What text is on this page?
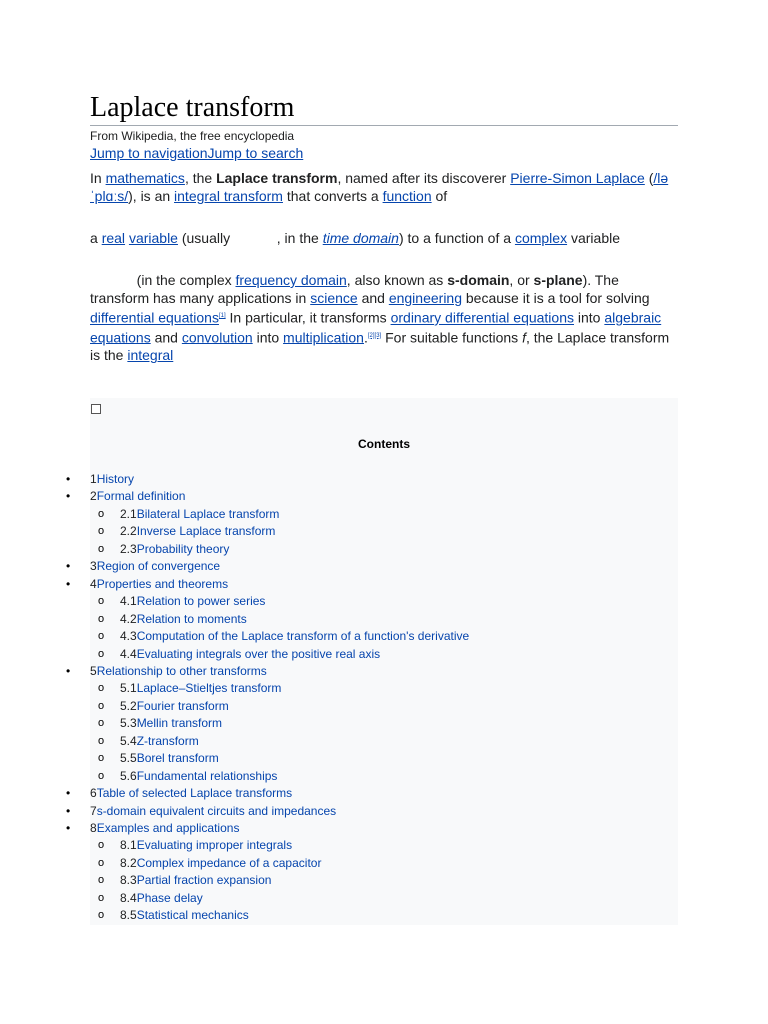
Laplace transform
From Wikipedia, the free encyclopedia
Jump to navigationJump to search

In mathematics, the Laplace transform, named after its discoverer Pierre-Simon Laplace (/ləˈplɑːs/), is an integral transform that converts a function of

a real variable (usually            , in the time domain) to a function of a complex variable

(in the complex frequency domain, also known as s-domain, or s-plane). The transform has many applications in science and engineering because it is a tool for solving differential equations[1] In particular, it transforms ordinary differential equations into algebraic equations and convolution into multiplication.[2][3] For suitable functions f, the Laplace transform is the integral

Contents
• 1History
• 2Formal definition
o 2.1Bilateral Laplace transform
o 2.2Inverse Laplace transform
o 2.3Probability theory
• 3Region of convergence
• 4Properties and theorems
o 4.1Relation to power series
o 4.2Relation to moments
o 4.3Computation of the Laplace transform of a function's derivative
o 4.4Evaluating integrals over the positive real axis
• 5Relationship to other transforms
o 5.1Laplace–Stieltjes transform
o 5.2Fourier transform
o 5.3Mellin transform
o 5.4Z-transform
o 5.5Borel transform
o 5.6Fundamental relationships
• 6Table of selected Laplace transforms
• 7s-domain equivalent circuits and impedances
• 8Examples and applications
o 8.1Evaluating improper integrals
o 8.2Complex impedance of a capacitor
o 8.3Partial fraction expansion
o 8.4Phase delay
o 8.5Statistical mechanics
